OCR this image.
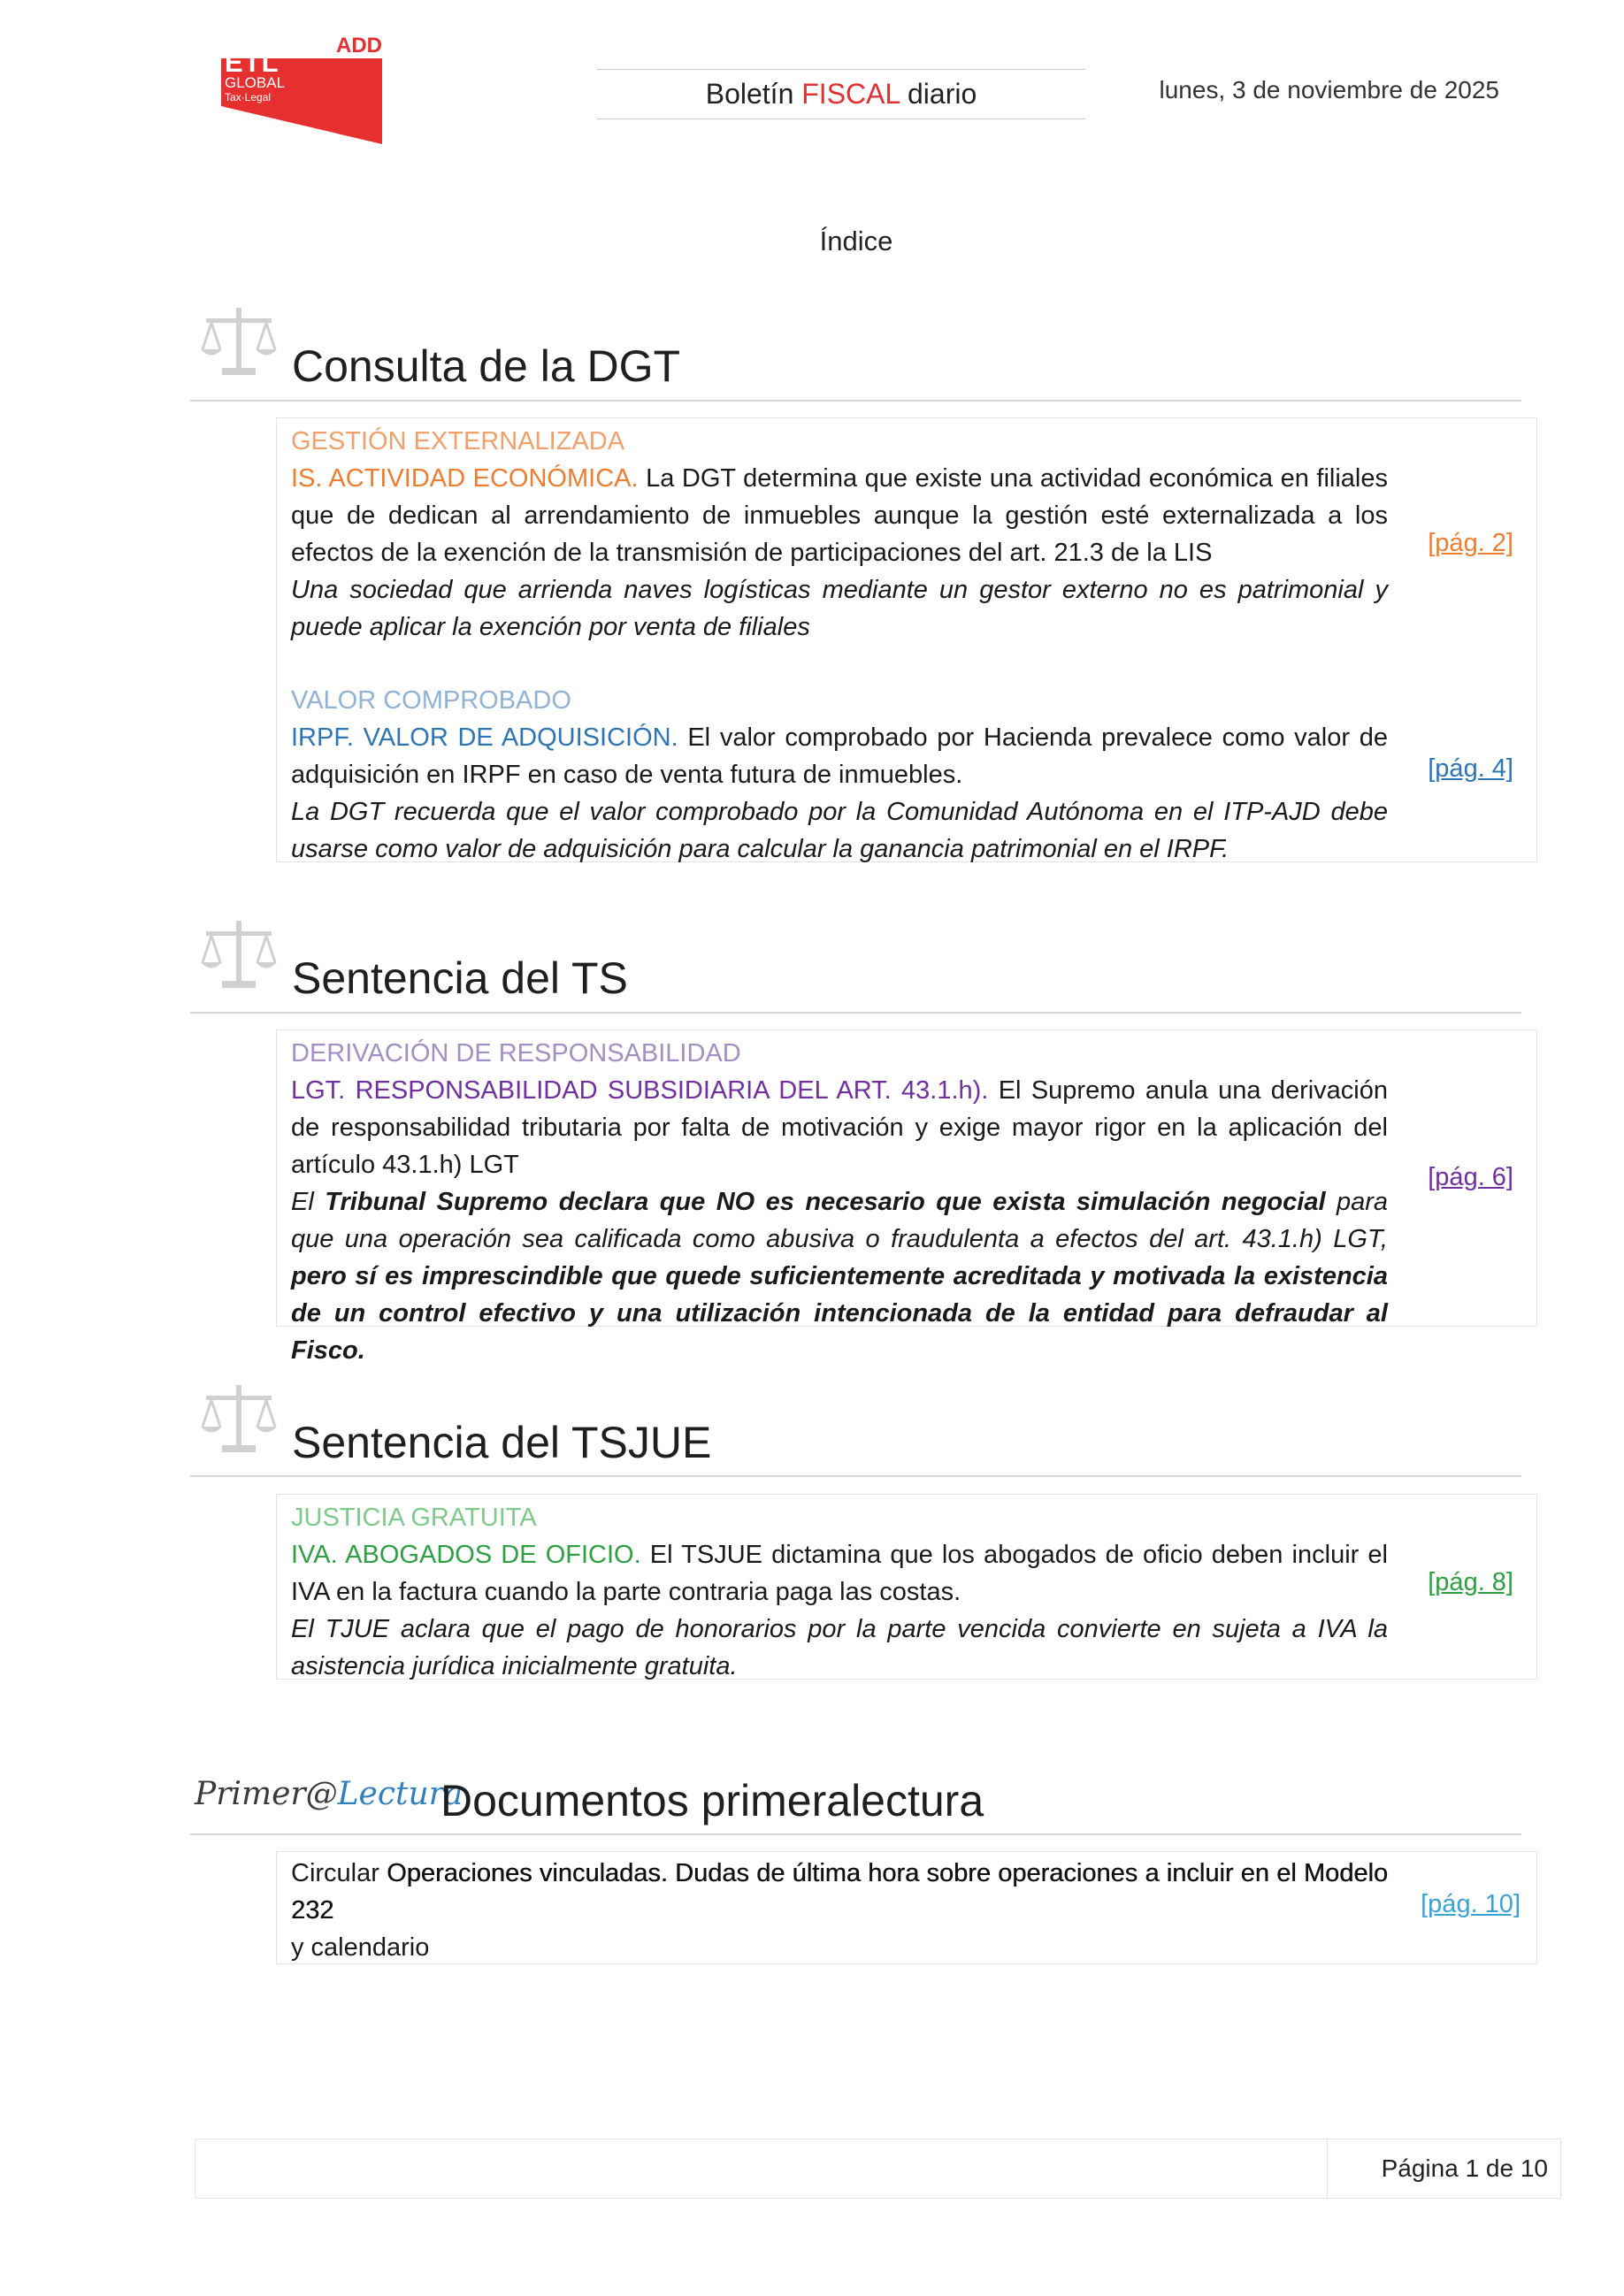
ADD
ETL
GLOBAL
Tax·Legal	Boletín FISCAL diario	lunes, 3 de noviembre de 2025
Índice
Consulta de la DGT
GESTIÓN EXTERNALIZADA
IS. ACTIVIDAD ECONÓMICA. La DGT determina que existe una actividad económica en filiales que de dedican al arrendamiento de inmuebles aunque la gestión esté externalizada a los efectos de la exención de la transmisión de participaciones del art. 21.3 de la LIS
Una sociedad que arrienda naves logísticas mediante un gestor externo no es patrimonial y puede aplicar la exención por venta de filiales
[pág. 2]
VALOR COMPROBADO
IRPF. VALOR DE ADQUISICIÓN. El valor comprobado por Hacienda prevalece como valor de adquisición en IRPF en caso de venta futura de inmuebles.
La DGT recuerda que el valor comprobado por la Comunidad Autónoma en el ITP-AJD debe usarse como valor de adquisición para calcular la ganancia patrimonial en el IRPF.
[pág. 4]
Sentencia del TS
DERIVACIÓN DE RESPONSABILIDAD
LGT. RESPONSABILIDAD SUBSIDIARIA DEL ART. 43.1.h). El Supremo anula una derivación de responsabilidad tributaria por falta de motivación y exige mayor rigor en la aplicación del artículo 43.1.h) LGT
El Tribunal Supremo declara que NO es necesario que exista simulación negocial para que una operación sea calificada como abusiva o fraudulenta a efectos del art. 43.1.h) LGT, pero sí es imprescindible que quede suficientemente acreditada y motivada la existencia de un control efectivo y una utilización intencionada de la entidad para defraudar al Fisco.
[pág. 6]
Sentencia del TSJUE
JUSTICIA GRATUITA
IVA. ABOGADOS DE OFICIO. El TSJUE dictamina que los abogados de oficio deben incluir el IVA en la factura cuando la parte contraria paga las costas.
El TJUE aclara que el pago de honorarios por la parte vencida convierte en sujeta a IVA la asistencia jurídica inicialmente gratuita.
[pág. 8]
Primer@Lectura
Documentos primeralectura
Circular Operaciones vinculadas. Dudas de última hora sobre operaciones a incluir en el Modelo 232
y calendario
[pág. 10]
Página 1 de 10
